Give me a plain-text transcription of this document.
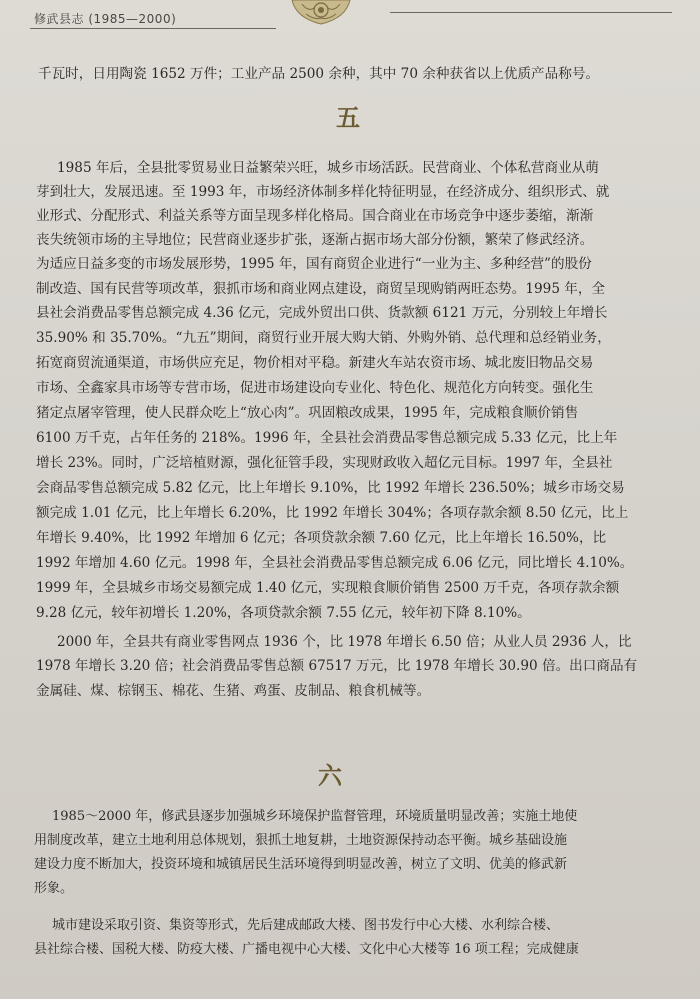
修武县志 (1985—2000)
千瓦时，日用陶瓷 1652 万件；工业产品 2500 余种，其中 70 余种获省以上优质产品称号。
五
1985 年后，全县批零贸易业日益繁荣兴旺，城乡市场活跃。民营商业、个体私营商业从萌
芽到壮大，发展迅速。至 1993 年，市场经济体制多样化特征明显，在经济成分、组织形式、就
业形式、分配形式、利益关系等方面呈现多样化格局。国合商业在市场竞争中逐步萎缩，渐渐
丧失统领市场的主导地位；民营商业逐步扩张，逐渐占据市场大部分份额，繁荣了修武经济。
为适应日益多变的市场发展形势，1995 年，国有商贸企业进行“一业为主、多种经营”的股份
制改造、国有民营等项改革，狠抓市场和商业网点建设，商贸呈现购销两旺态势。1995 年，全
县社会消费品零售总额完成 4.36 亿元，完成外贸出口供、货款额 6121 万元，分别较上年增长
35.90% 和 35.70%。“九五”期间，商贸行业开展大购大销、外购外销、总代理和总经销业务，
拓宽商贸流通渠道，市场供应充足，物价相对平稳。新建火车站农资市场、城北废旧物品交易
市场、全鑫家具市场等专营市场，促进市场建设向专业化、特色化、规范化方向转变。强化生
猪定点屠宰管理，使人民群众吃上“放心肉”。巩固粮改成果，1995 年，完成粮食顺价销售
6100 万千克，占年任务的 218%。1996 年，全县社会消费品零售总额完成 5.33 亿元，比上年
增长 23%。同时，广泛培植财源，强化征管手段，实现财政收入超亿元目标。1997 年，全县社
会商品零售总额完成 5.82 亿元，比上年增长 9.10%，比 1992 年增长 236.50%；城乡市场交易
额完成 1.01 亿元，比上年增长 6.20%，比 1992 年增长 304%；各项存款余额 8.50 亿元，比上
年增长 9.40%，比 1992 年增加 6 亿元；各项贷款余额 7.60 亿元，比上年增长 16.50%，比
1992 年增加 4.60 亿元。1998 年，全县社会消费品零售总额完成 6.06 亿元，同比增长 4.10%。
1999 年，全县城乡市场交易额完成 1.40 亿元，实现粮食顺价销售 2500 万千克，各项存款余额
9.28 亿元，较年初增长 1.20%，各项贷款余额 7.55 亿元，较年初下降 8.10%。
2000 年，全县共有商业零售网点 1936 个，比 1978 年增长 6.50 倍；从业人员 2936 人，比
1978 年增长 3.20 倍；社会消费品零售总额 67517 万元，比 1978 年增长 30.90 倍。出口商品有
金属硅、煤、棕钢玉、棉花、生猪、鸡蛋、皮制品、粮食机械等。
六
1985～2000 年，修武县逐步加强城乡环境保护监督管理，环境质量明显改善；实施土地使
用制度改革，建立土地利用总体规划，狠抓土地复耕，土地资源保持动态平衡。城乡基础设施
建设力度不断加大，投资环境和城镇居民生活环境得到明显改善，树立了文明、优美的修武新
形象。
城市建设采取引资、集资等形式，先后建成邮政大楼、图书发行中心大楼、水利综合楼、
县社综合楼、国税大楼、防疫大楼、广播电视中心大楼、文化中心大楼等 16 项工程；完成健康
